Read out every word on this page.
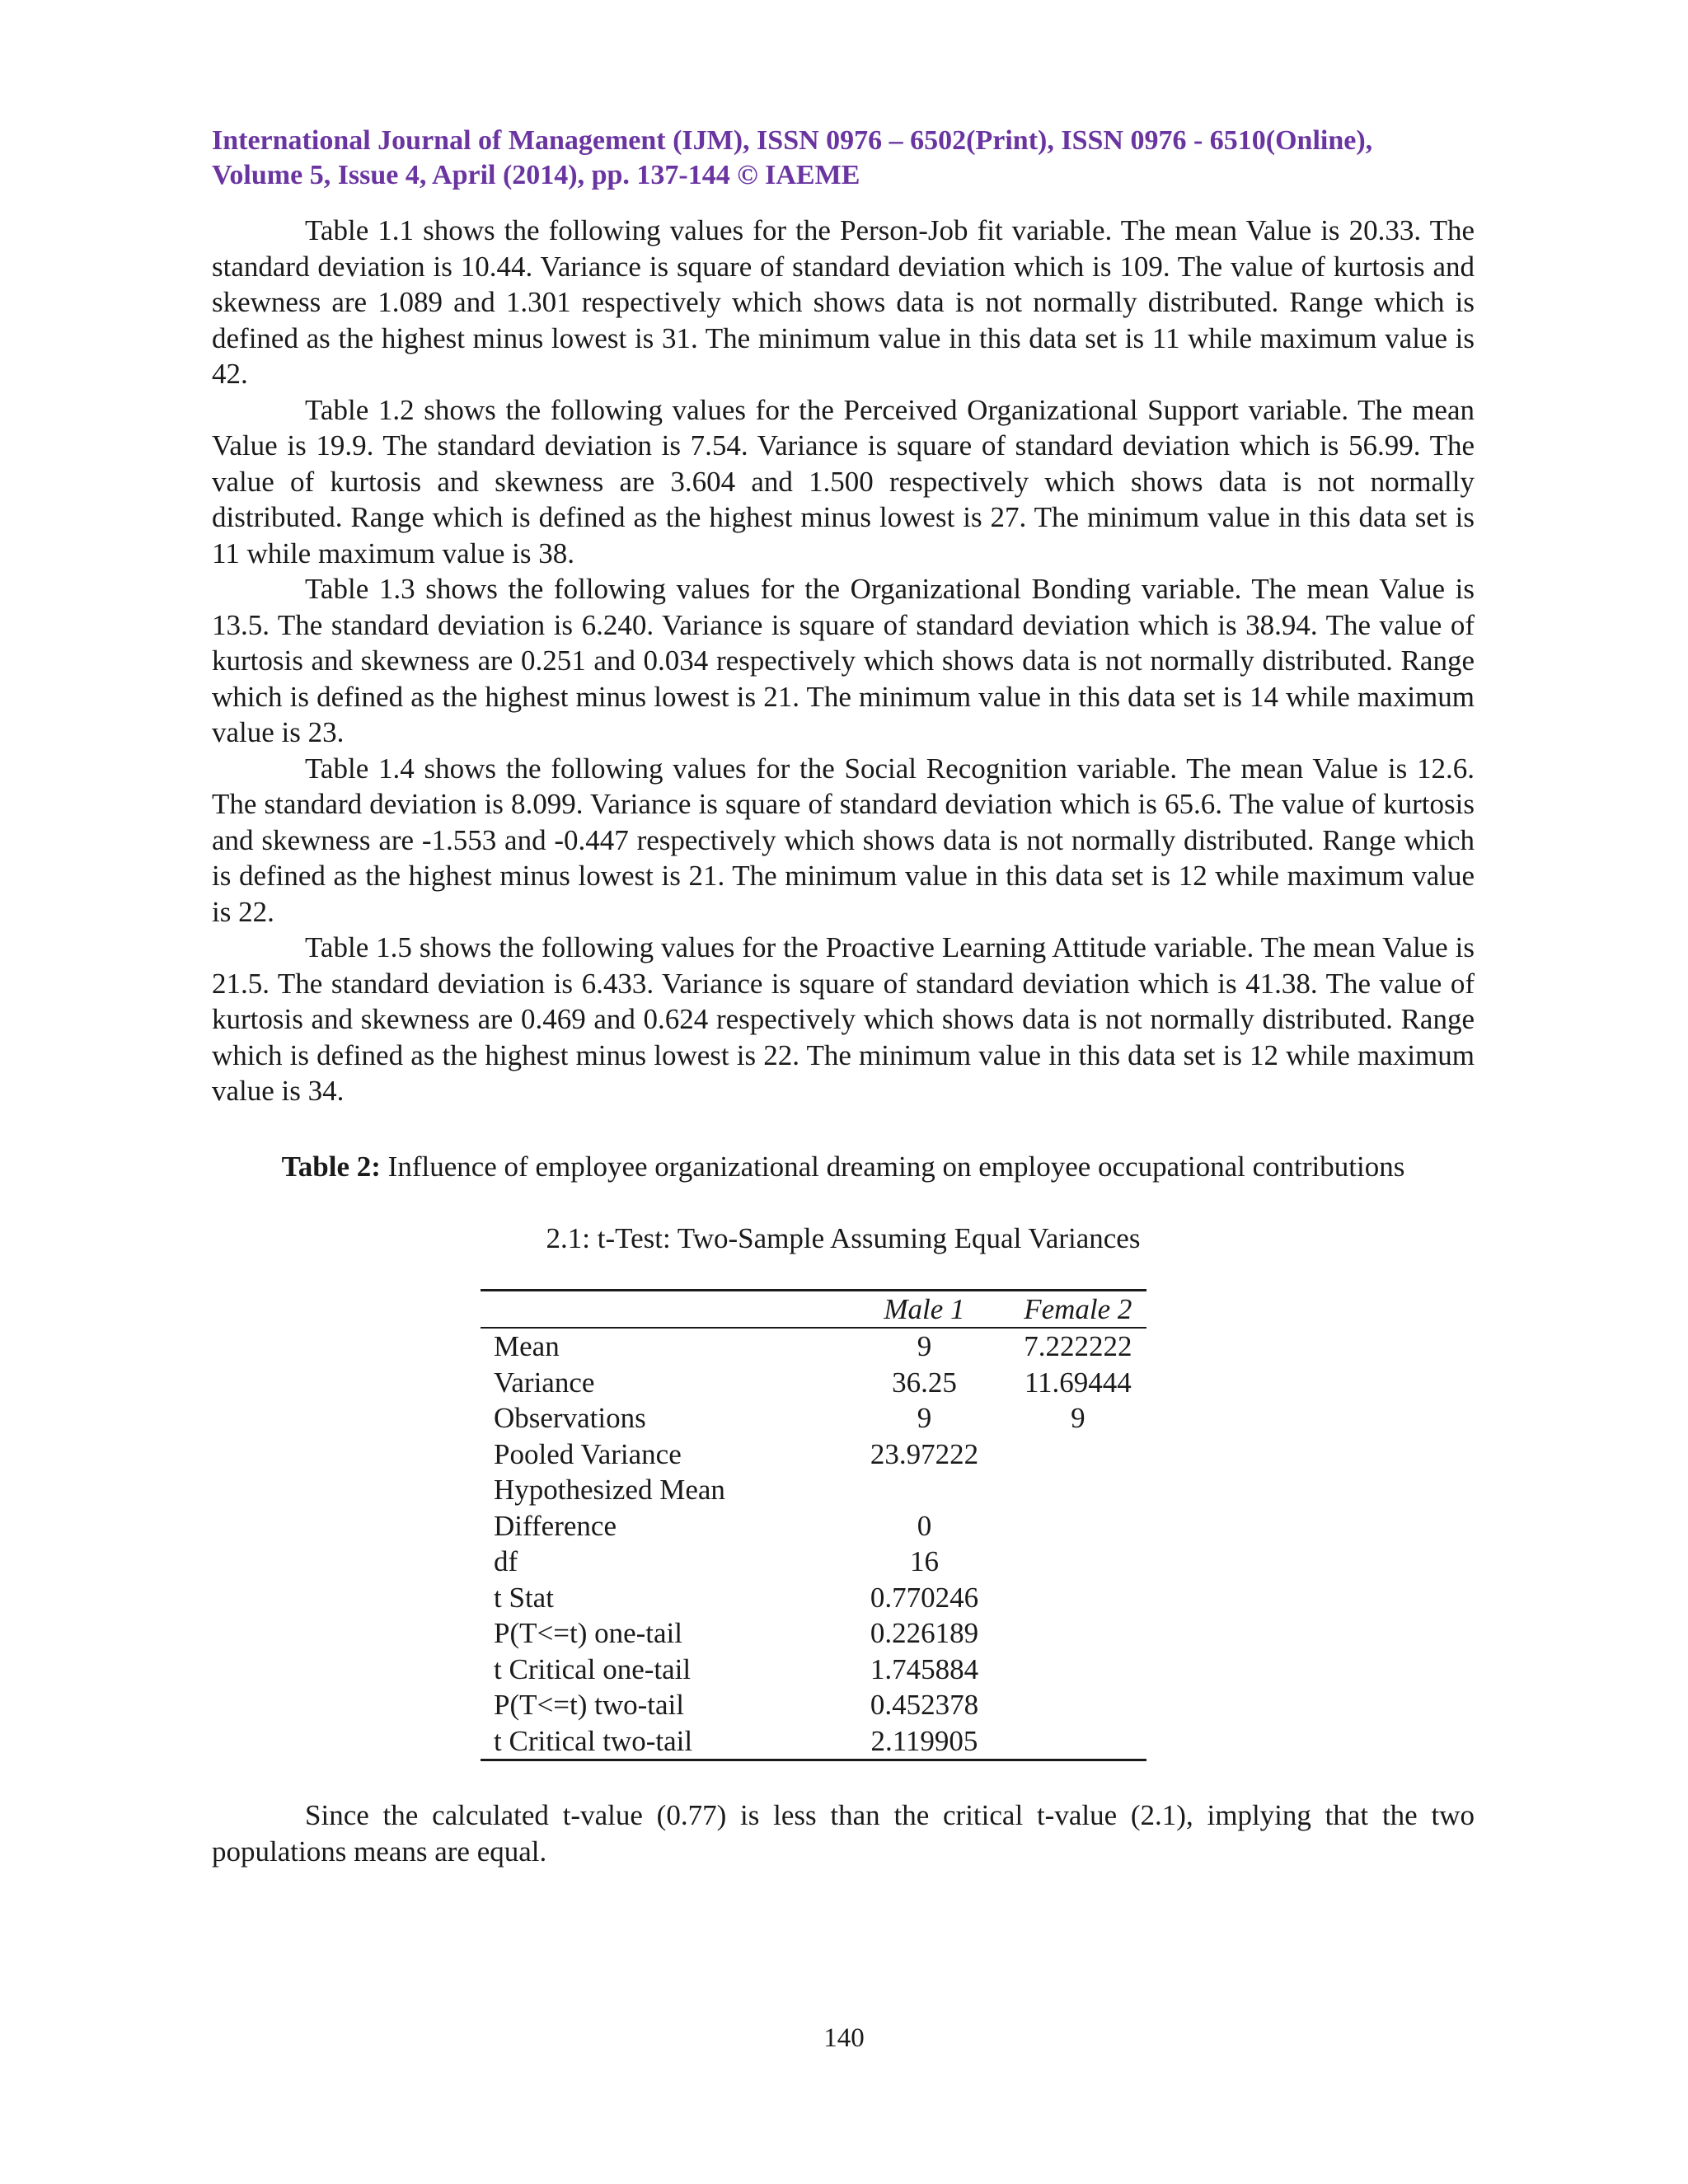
International Journal of Management (IJM), ISSN 0976 – 6502(Print), ISSN 0976 - 6510(Online),
Volume 5, Issue 4, April (2014), pp. 137-144 © IAEME

Table 1.1 shows the following values for the Person-Job fit variable. The mean Value is 20.33. The standard deviation is 10.44. Variance is square of standard deviation which is 109. The value of kurtosis and skewness are 1.089 and 1.301 respectively which shows data is not normally distributed. Range which is defined as the highest minus lowest is 31. The minimum value in this data set is 11 while maximum value is 42.

Table 1.2 shows the following values for the Perceived Organizational Support variable. The mean Value is 19.9. The standard deviation is 7.54. Variance is square of standard deviation which is 56.99. The value of kurtosis and skewness are 3.604 and 1.500 respectively which shows data is not normally distributed. Range which is defined as the highest minus lowest is 27. The minimum value in this data set is 11 while maximum value is 38.

Table 1.3 shows the following values for the Organizational Bonding variable. The mean Value is 13.5. The standard deviation is 6.240. Variance is square of standard deviation which is 38.94. The value of kurtosis and skewness are 0.251 and 0.034 respectively which shows data is not normally distributed. Range which is defined as the highest minus lowest is 21. The minimum value in this data set is 14 while maximum value is 23.

Table 1.4 shows the following values for the Social Recognition variable. The mean Value is 12.6. The standard deviation is 8.099. Variance is square of standard deviation which is 65.6. The value of kurtosis and skewness are -1.553 and -0.447 respectively which shows data is not normally distributed. Range which is defined as the highest minus lowest is 21. The minimum value in this data set is 12 while maximum value is 22.

Table 1.5 shows the following values for the Proactive Learning Attitude variable. The mean Value is 21.5. The standard deviation is 6.433. Variance is square of standard deviation which is 41.38. The value of kurtosis and skewness are 0.469 and 0.624 respectively which shows data is not normally distributed. Range which is defined as the highest minus lowest is 22. The minimum value in this data set is 12 while maximum value is 34.

Table 2: Influence of employee organizational dreaming on employee occupational contributions

2.1: t-Test: Two-Sample Assuming Equal Variances

	Male 1	Female 2
Mean	9	7.222222
Variance	36.25	11.69444
Observations	9	9
Pooled Variance	23.97222	
Hypothesized Mean		
Difference	0	
df	16	
t Stat	0.770246	
P(T<=t) one-tail	0.226189	
t Critical one-tail	1.745884	
P(T<=t) two-tail	0.452378	
t Critical two-tail	2.119905	

Since the calculated t-value (0.77) is less than the critical t-value (2.1), implying that the two populations means are equal.

140
